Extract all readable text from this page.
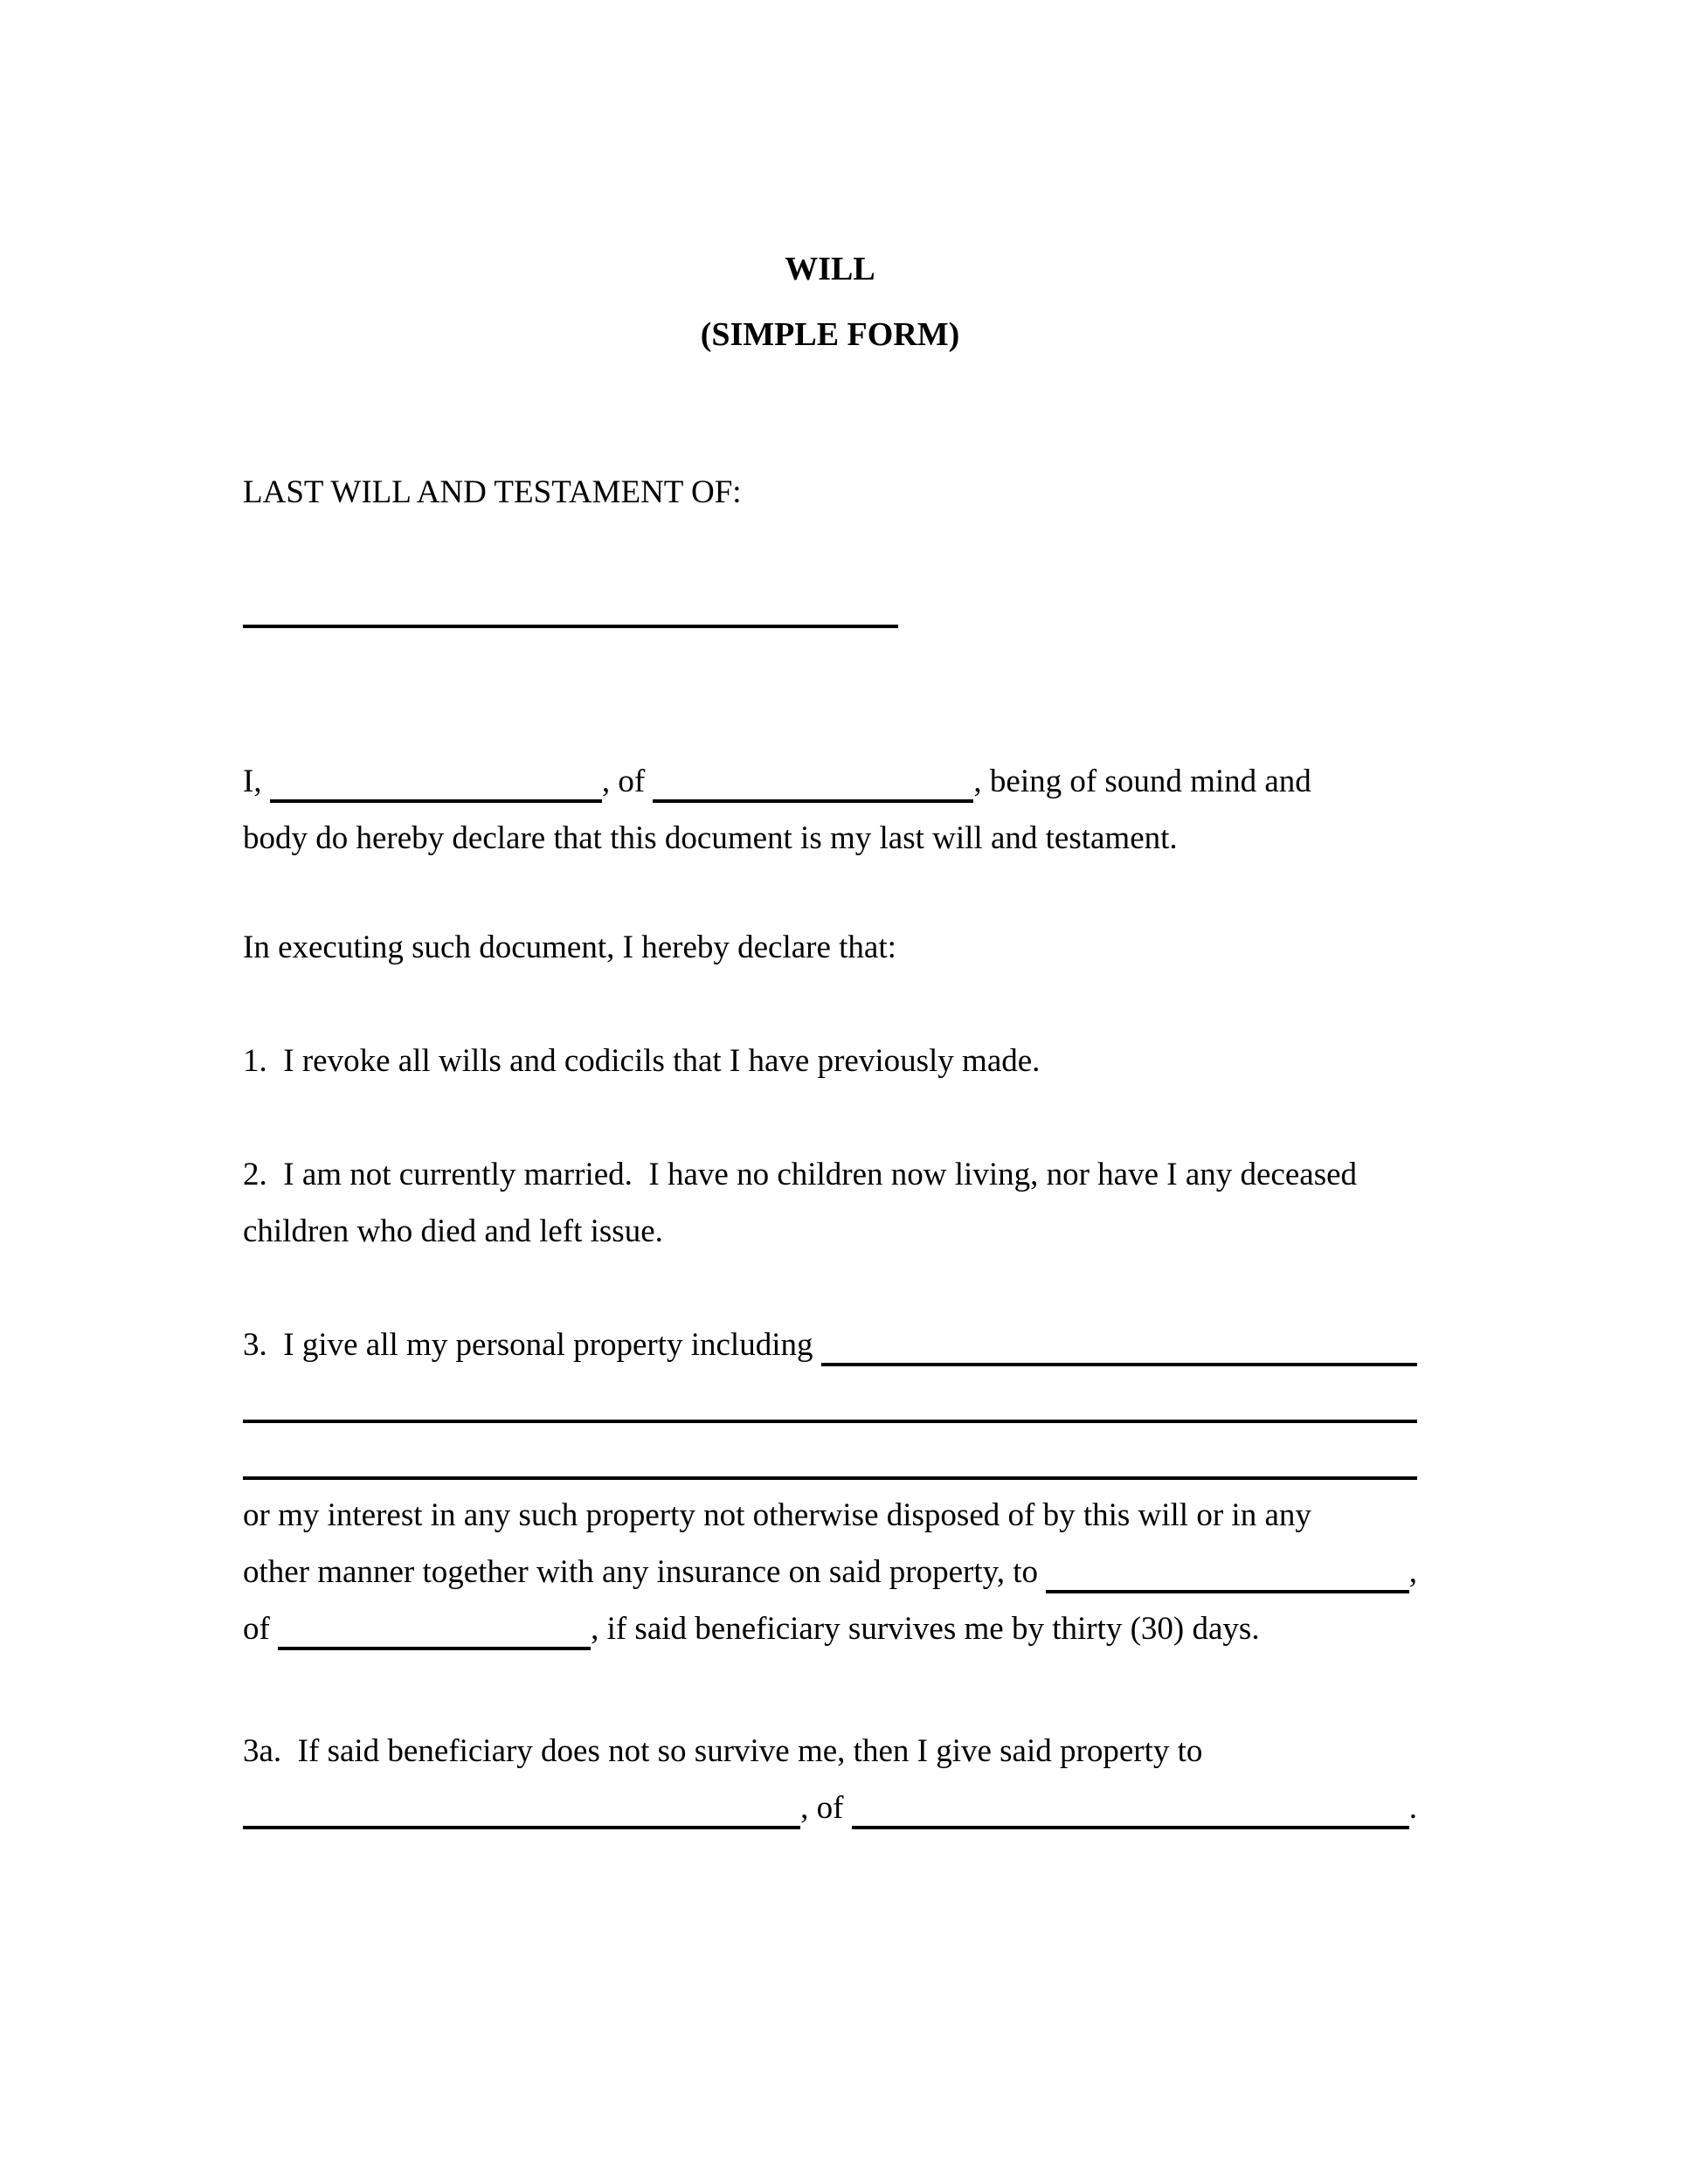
WILL
(SIMPLE FORM)
LAST WILL AND TESTAMENT OF:
I,	, of	, being of sound mind and
body do hereby declare that this document is my last will and testament.
In executing such document, I hereby declare that:
1.  I revoke all wills and codicils that I have previously made.
2.  I am not currently married.  I have no children now living, nor have I any deceased
children who died and left issue.
3.  I give all my personal property including
or my interest in any such property not otherwise disposed of by this will or in any
other manner together with any insurance on said property, to	,
of	, if said beneficiary survives me by thirty (30) days.
3a.  If said beneficiary does not so survive me, then I give said property to
, of	.
